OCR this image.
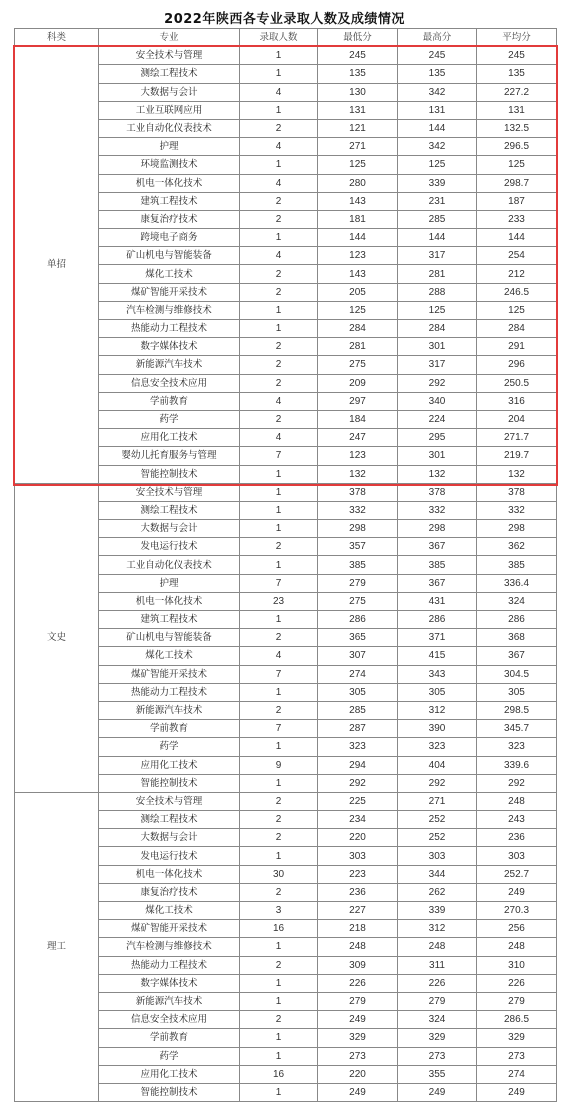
2022年陕西各专业录取人数及成绩情况
科类	专业	录取人数	最低分	最高分	平均分
单招	安全技术与管理	1	245	245	245
	测绘工程技术	1	135	135	135
	大数据与会计	4	130	342	227.2
	工业互联网应用	1	131	131	131
	工业自动化仪表技术	2	121	144	132.5
	护理	4	271	342	296.5
	环境监测技术	1	125	125	125
	机电一体化技术	4	280	339	298.7
	建筑工程技术	2	143	231	187
	康复治疗技术	2	181	285	233
	跨境电子商务	1	144	144	144
	矿山机电与智能装备	4	123	317	254
	煤化工技术	2	143	281	212
	煤矿智能开采技术	2	205	288	246.5
	汽车检测与维修技术	1	125	125	125
	热能动力工程技术	1	284	284	284
	数字媒体技术	2	281	301	291
	新能源汽车技术	2	275	317	296
	信息安全技术应用	2	209	292	250.5
	学前教育	4	297	340	316
	药学	2	184	224	204
	应用化工技术	4	247	295	271.7
	婴幼儿托育服务与管理	7	123	301	219.7
	智能控制技术	1	132	132	132
文史	安全技术与管理	1	378	378	378
	测绘工程技术	1	332	332	332
	大数据与会计	1	298	298	298
	发电运行技术	2	357	367	362
	工业自动化仪表技术	1	385	385	385
	护理	7	279	367	336.4
	机电一体化技术	23	275	431	324
	建筑工程技术	1	286	286	286
	矿山机电与智能装备	2	365	371	368
	煤化工技术	4	307	415	367
	煤矿智能开采技术	7	274	343	304.5
	热能动力工程技术	1	305	305	305
	新能源汽车技术	2	285	312	298.5
	学前教育	7	287	390	345.7
	药学	1	323	323	323
	应用化工技术	9	294	404	339.6
	智能控制技术	1	292	292	292
理工	安全技术与管理	2	225	271	248
	测绘工程技术	2	234	252	243
	大数据与会计	2	220	252	236
	发电运行技术	1	303	303	303
	机电一体化技术	30	223	344	252.7
	康复治疗技术	2	236	262	249
	煤化工技术	3	227	339	270.3
	煤矿智能开采技术	16	218	312	256
	汽车检测与维修技术	1	248	248	248
	热能动力工程技术	2	309	311	310
	数字媒体技术	1	226	226	226
	新能源汽车技术	1	279	279	279
	信息安全技术应用	2	249	324	286.5
	学前教育	1	329	329	329
	药学	1	273	273	273
	应用化工技术	16	220	355	274
	智能控制技术	1	249	249	249
